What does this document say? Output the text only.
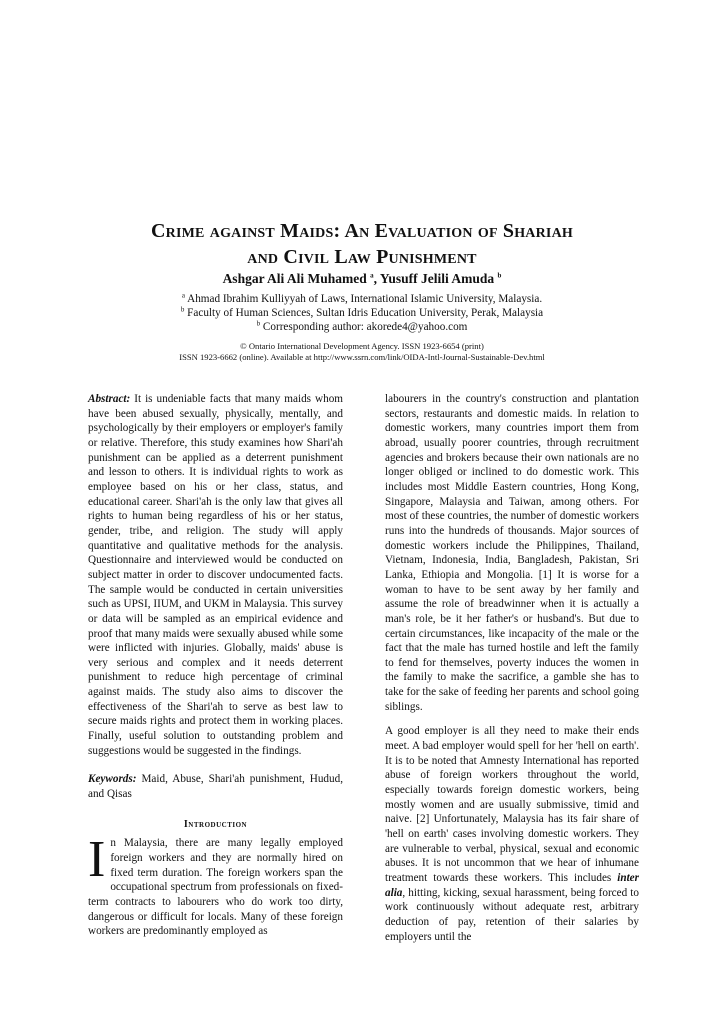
Crime against Maids: An Evaluation of Shariah
and Civil Law Punishment
Ashgar Ali Ali Muhamed $^a$, Yusuff Jelili Amuda $^b$
$^a$ Ahmad Ibrahim Kulliyyah of Laws, International Islamic University, Malaysia.
$^b$ Faculty of Human Sciences, Sultan Idris Education University, Perak, Malaysia
$^b$ Corresponding author: akorede4@yahoo.com
© Ontario International Development Agency. ISSN 1923-6654 (print)
ISSN 1923-6662 (online). Available at http://www.ssrn.com/link/OIDA-Intl-Journal-Sustainable-Dev.html

Abstract: It is undeniable facts that many maids whom have been abused sexually, physically, mentally, and psychologically by their employers or employer's family or relative. Therefore, this study examines how Shari'ah punishment can be applied as a deterrent punishment and lesson to others. It is individual rights to work as employee based on his or her class, status, and educational career. Shari'ah is the only law that gives all rights to human being regardless of his or her status, gender, tribe, and religion. The study will apply quantitative and qualitative methods for the analysis. Questionnaire and interviewed would be conducted on subject matter in order to discover undocumented facts. The sample would be conducted in certain universities such as UPSI, IIUM, and UKM in Malaysia. This survey or data will be sampled as an empirical evidence and proof that many maids were sexually abused while some were inflicted with injuries. Globally, maids' abuse is very serious and complex and it needs deterrent punishment to reduce high percentage of criminal against maids. The study also aims to discover the effectiveness of the Shari'ah to serve as best law to secure maids rights and protect them in working places. Finally, useful solution to outstanding problem and suggestions would be suggested in the findings.

Keywords: Maid, Abuse, Shari'ah punishment, Hudud, and Qisas

Introduction

In Malaysia, there are many legally employed foreign workers and they are normally hired on fixed term duration. The foreign workers span the occupational spectrum from professionals on fixed-term contracts to labourers who do work too dirty, dangerous or difficult for locals. Many of these foreign workers are predominantly employed as

labourers in the country's construction and plantation sectors, restaurants and domestic maids. In relation to domestic workers, many countries import them from abroad, usually poorer countries, through recruitment agencies and brokers because their own nationals are no longer obliged or inclined to do domestic work. This includes most Middle Eastern countries, Hong Kong, Singapore, Malaysia and Taiwan, among others. For most of these countries, the number of domestic workers runs into the hundreds of thousands. Major sources of domestic workers include the Philippines, Thailand, Vietnam, Indonesia, India, Bangladesh, Pakistan, Sri Lanka, Ethiopia and Mongolia. [1] It is worse for a woman to have to be sent away by her family and assume the role of breadwinner when it is actually a man's role, be it her father's or husband's. But due to certain circumstances, like incapacity of the male or the fact that the male has turned hostile and left the family to fend for themselves, poverty induces the women in the family to make the sacrifice, a gamble she has to take for the sake of feeding her parents and school going siblings.

A good employer is all they need to make their ends meet. A bad employer would spell for her 'hell on earth'. It is to be noted that Amnesty International has reported abuse of foreign workers throughout the world, especially towards foreign domestic workers, being mostly women and are usually submissive, timid and naive. [2] Unfortunately, Malaysia has its fair share of 'hell on earth' cases involving domestic workers. They are vulnerable to verbal, physical, sexual and economic abuses. It is not uncommon that we hear of inhumane treatment towards these workers. This includes inter alia, hitting, kicking, sexual harassment, being forced to work continuously without adequate rest, arbitrary deduction of pay, retention of their salaries by employers until the
